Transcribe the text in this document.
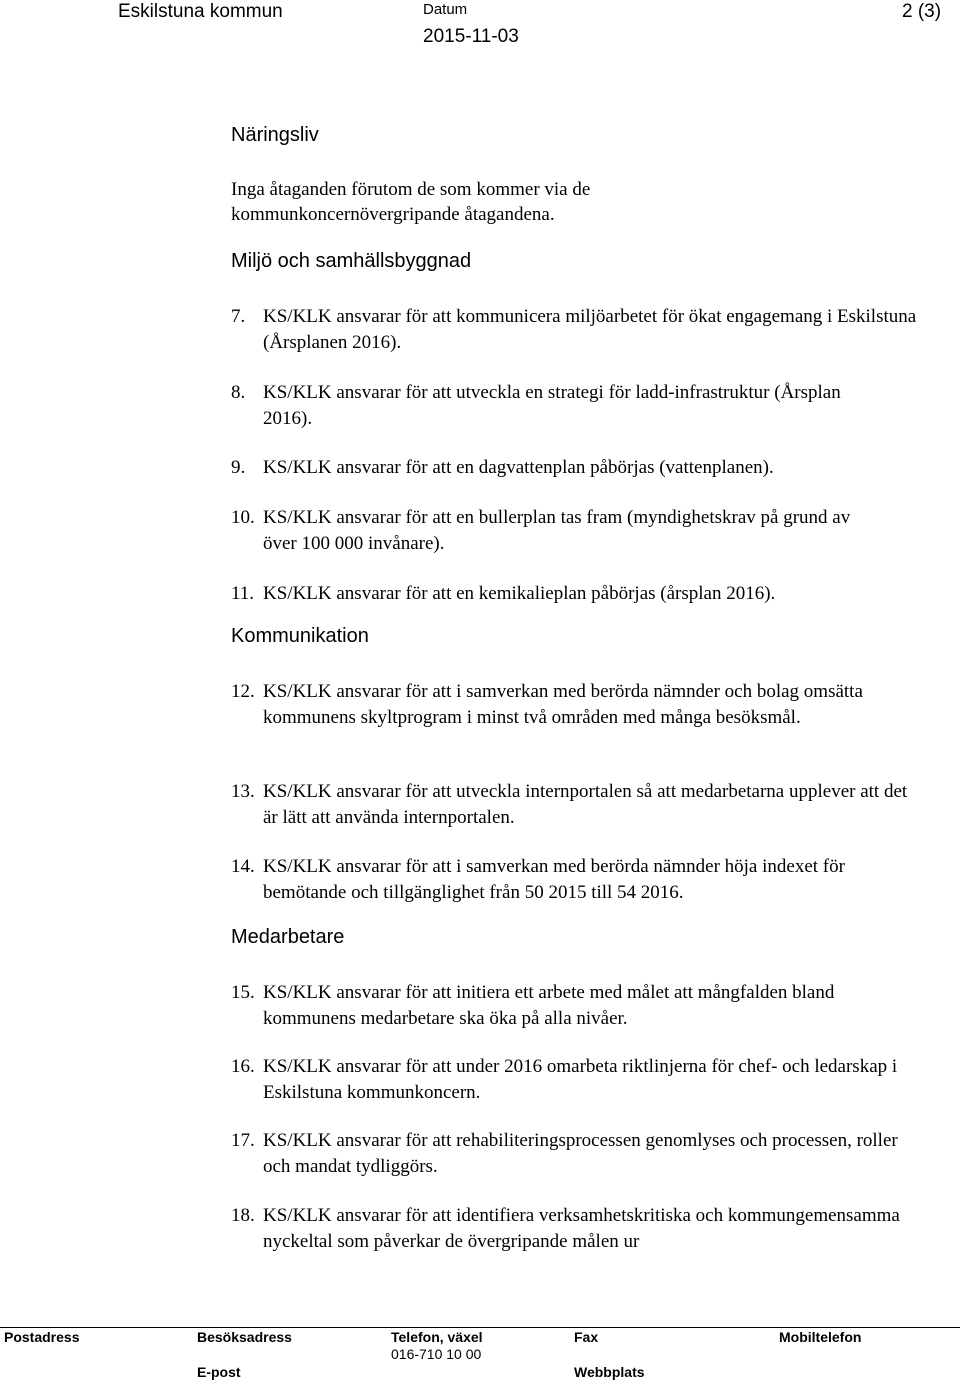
Eskilstuna kommun	Datum
2015-11-03
2 (3)
Näringsliv
Inga åtaganden förutom de som kommer via de
kommunkoncernövergripande åtagandena.
Miljö och samhällsbyggnad
7. KS/KLK ansvarar för att kommunicera miljöarbetet för ökat engagemang i Eskilstuna (Årsplanen 2016).
8. KS/KLK ansvarar för att utveckla en strategi för ladd-infrastruktur (Årsplan 2016).
9. KS/KLK ansvarar för att en dagvattenplan påbörjas (vattenplanen).
10. KS/KLK ansvarar för att en bullerplan tas fram (myndighetskrav på grund av över 100 000 invånare).
11. KS/KLK ansvarar för att en kemikalieplan påbörjas (årsplan 2016).
Kommunikation
12. KS/KLK ansvarar för att i samverkan med berörda nämnder och bolag omsätta kommunens skyltprogram i minst två områden med många besöksmål.
13. KS/KLK ansvarar för att utveckla internportalen så att medarbetarna upplever att det är lätt att använda internportalen.
14. KS/KLK ansvarar för att i samverkan med berörda nämnder höja indexet för bemötande och tillgänglighet från 50 2015 till 54 2016.
Medarbetare
15. KS/KLK ansvarar för att initiera ett arbete med målet att mångfalden bland kommunens medarbetare ska öka på alla nivåer.
16. KS/KLK ansvarar för att under 2016 omarbeta riktlinjerna för chef- och ledarskap i Eskilstuna kommunkoncern.
17. KS/KLK ansvarar för att rehabiliteringsprocessen genomlyses och processen, roller och mandat tydliggörs.
18. KS/KLK ansvarar för att identifiera verksamhetskritiska och kommungemensamma nyckeltal som påverkar de övergripande målen ur
Postadress	Besöksadress	Telefon, växel	Fax	Mobiltelefon
016-710 10 00
E-post	Webbplats
